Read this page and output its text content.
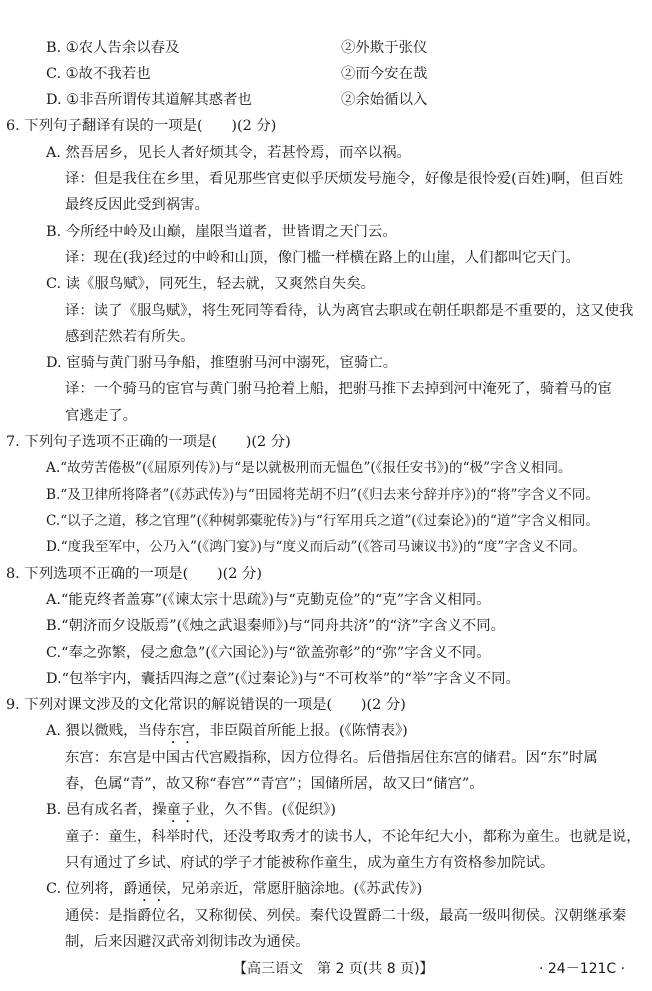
B. ①农人告余以春及	②外欺于张仪
C. ①故不我若也	②而今安在哉
D. ①非吾所谓传其道解其惑者也	②余始循以入
6. 下列句子翻译有误的一项是(　　)(2 分)
A. 然吾居乡，见长人者好烦其令，若甚怜焉，而卒以祸。
译：但是我住在乡里，看见那些官吏似乎厌烦发号施令，好像是很怜爱(百姓)啊，但百姓
最终反因此受到祸害。
B. 今所经中岭及山巅，崖限当道者，世皆谓之天门云。
译：现在(我)经过的中岭和山顶，像门槛一样横在路上的山崖，人们都叫它天门。
C. 读《服鸟赋》，同死生，轻去就，又爽然自失矣。
译：读了《服鸟赋》，将生死同等看待，认为离官去职或在朝任职都是不重要的，这又使我
感到茫然若有所失。
D. 宦骑与黄门驸马争船，推堕驸马河中溺死，宦骑亡。
译：一个骑马的宦官与黄门驸马抢着上船，把驸马推下去掉到河中淹死了，骑着马的宦
官逃走了。
7. 下列句子选项不正确的一项是(　　)(2 分)
A.“故劳苦倦极”(《屈原列传》)与“是以就极刑而无愠色”(《报任安书》)的“极”字含义相同。
B.“及卫律所将降者”(《苏武传》)与“田园将芜胡不归”(《归去来兮辞并序》)的“将”字含义不同。
C.“以子之道，移之官理”(《种树郭橐驼传》)与“行军用兵之道”(《过秦论》)的“道”字含义相同。
D.“度我至军中，公乃入”(《鸿门宴》)与“度义而后动”(《答司马谏议书》)的“度”字含义不同。
8. 下列选项不正确的一项是(　　)(2 分)
A.“能克终者盖寡”(《谏太宗十思疏》)与“克勤克俭”的“克”字含义相同。
B.“朝济而夕设版焉”(《烛之武退秦师》)与“同舟共济”的“济”字含义不同。
C.“奉之弥繁，侵之愈急”(《六国论》)与“欲盖弥彰”的“弥”字含义不同。
D.“包举宇内，囊括四海之意”(《过秦论》)与“不可枚举”的“举”字含义不同。
9. 下列对课文涉及的文化常识的解说错误的一项是(　　)(2 分)
A. 猥以微贱，当侍东宫，非臣陨首所能上报。(《陈情表》)
东宫：东宫是中国古代宫殿指称，因方位得名。后借指居住东宫的储君。因“东”时属
春，色属“青”，故又称“春宫”“青宫”；国储所居，故又曰“储宫”。
B. 邑有成名者，操童子业，久不售。(《促织》)
童子：童生，科举时代，还没考取秀才的读书人，不论年纪大小，都称为童生。也就是说，
只有通过了乡试、府试的学子才能被称作童生，成为童生方有资格参加院试。
C. 位列将，爵通侯，兄弟亲近，常愿肝脑涂地。(《苏武传》)
通侯：是指爵位名，又称彻侯、列侯。秦代设置爵二十级，最高一级叫彻侯。汉朝继承秦
制，后来因避汉武帝刘彻讳改为通侯。
【高三语文　第 2 页(共 8 页)】	· 24－121C ·
